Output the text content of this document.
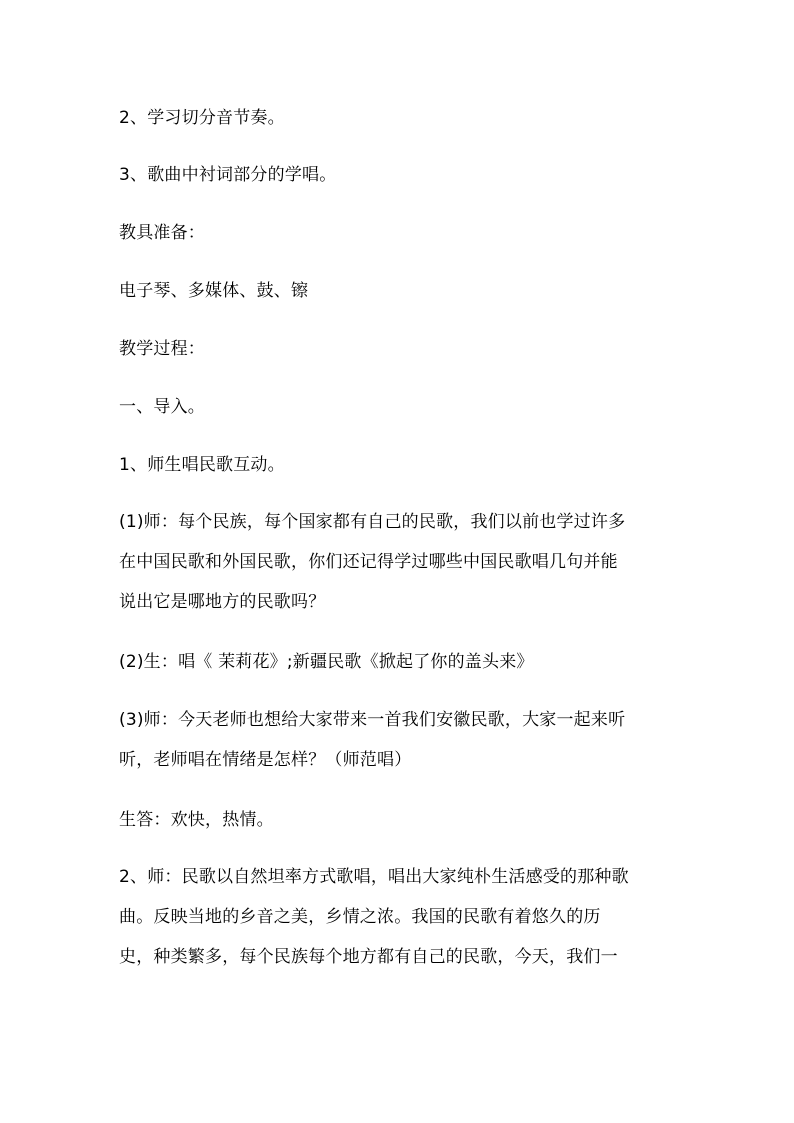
2、学习切分音节奏。
3、歌曲中衬词部分的学唱。
教具准备：
电子琴、多媒体、鼓、镲
教学过程：
一、导入。
1、师生唱民歌互动。
(1)师：每个民族，每个国家都有自己的民歌，我们以前也学过许多
在中国民歌和外国民歌，你们还记得学过哪些中国民歌唱几句并能
说出它是哪地方的民歌吗？
(2)生：唱《 茉莉花》;新疆民歌《掀起了你的盖头来》
(3)师：今天老师也想给大家带来一首我们安徽民歌，大家一起来听
听，老师唱在情绪是怎样？（师范唱）
生答：欢快，热情。
2、师：民歌以自然坦率方式歌唱，唱出大家纯朴生活感受的那种歌
曲。反映当地的乡音之美，乡情之浓。我国的民歌有着悠久的历
史，种类繁多，每个民族每个地方都有自己的民歌，今天，我们一
